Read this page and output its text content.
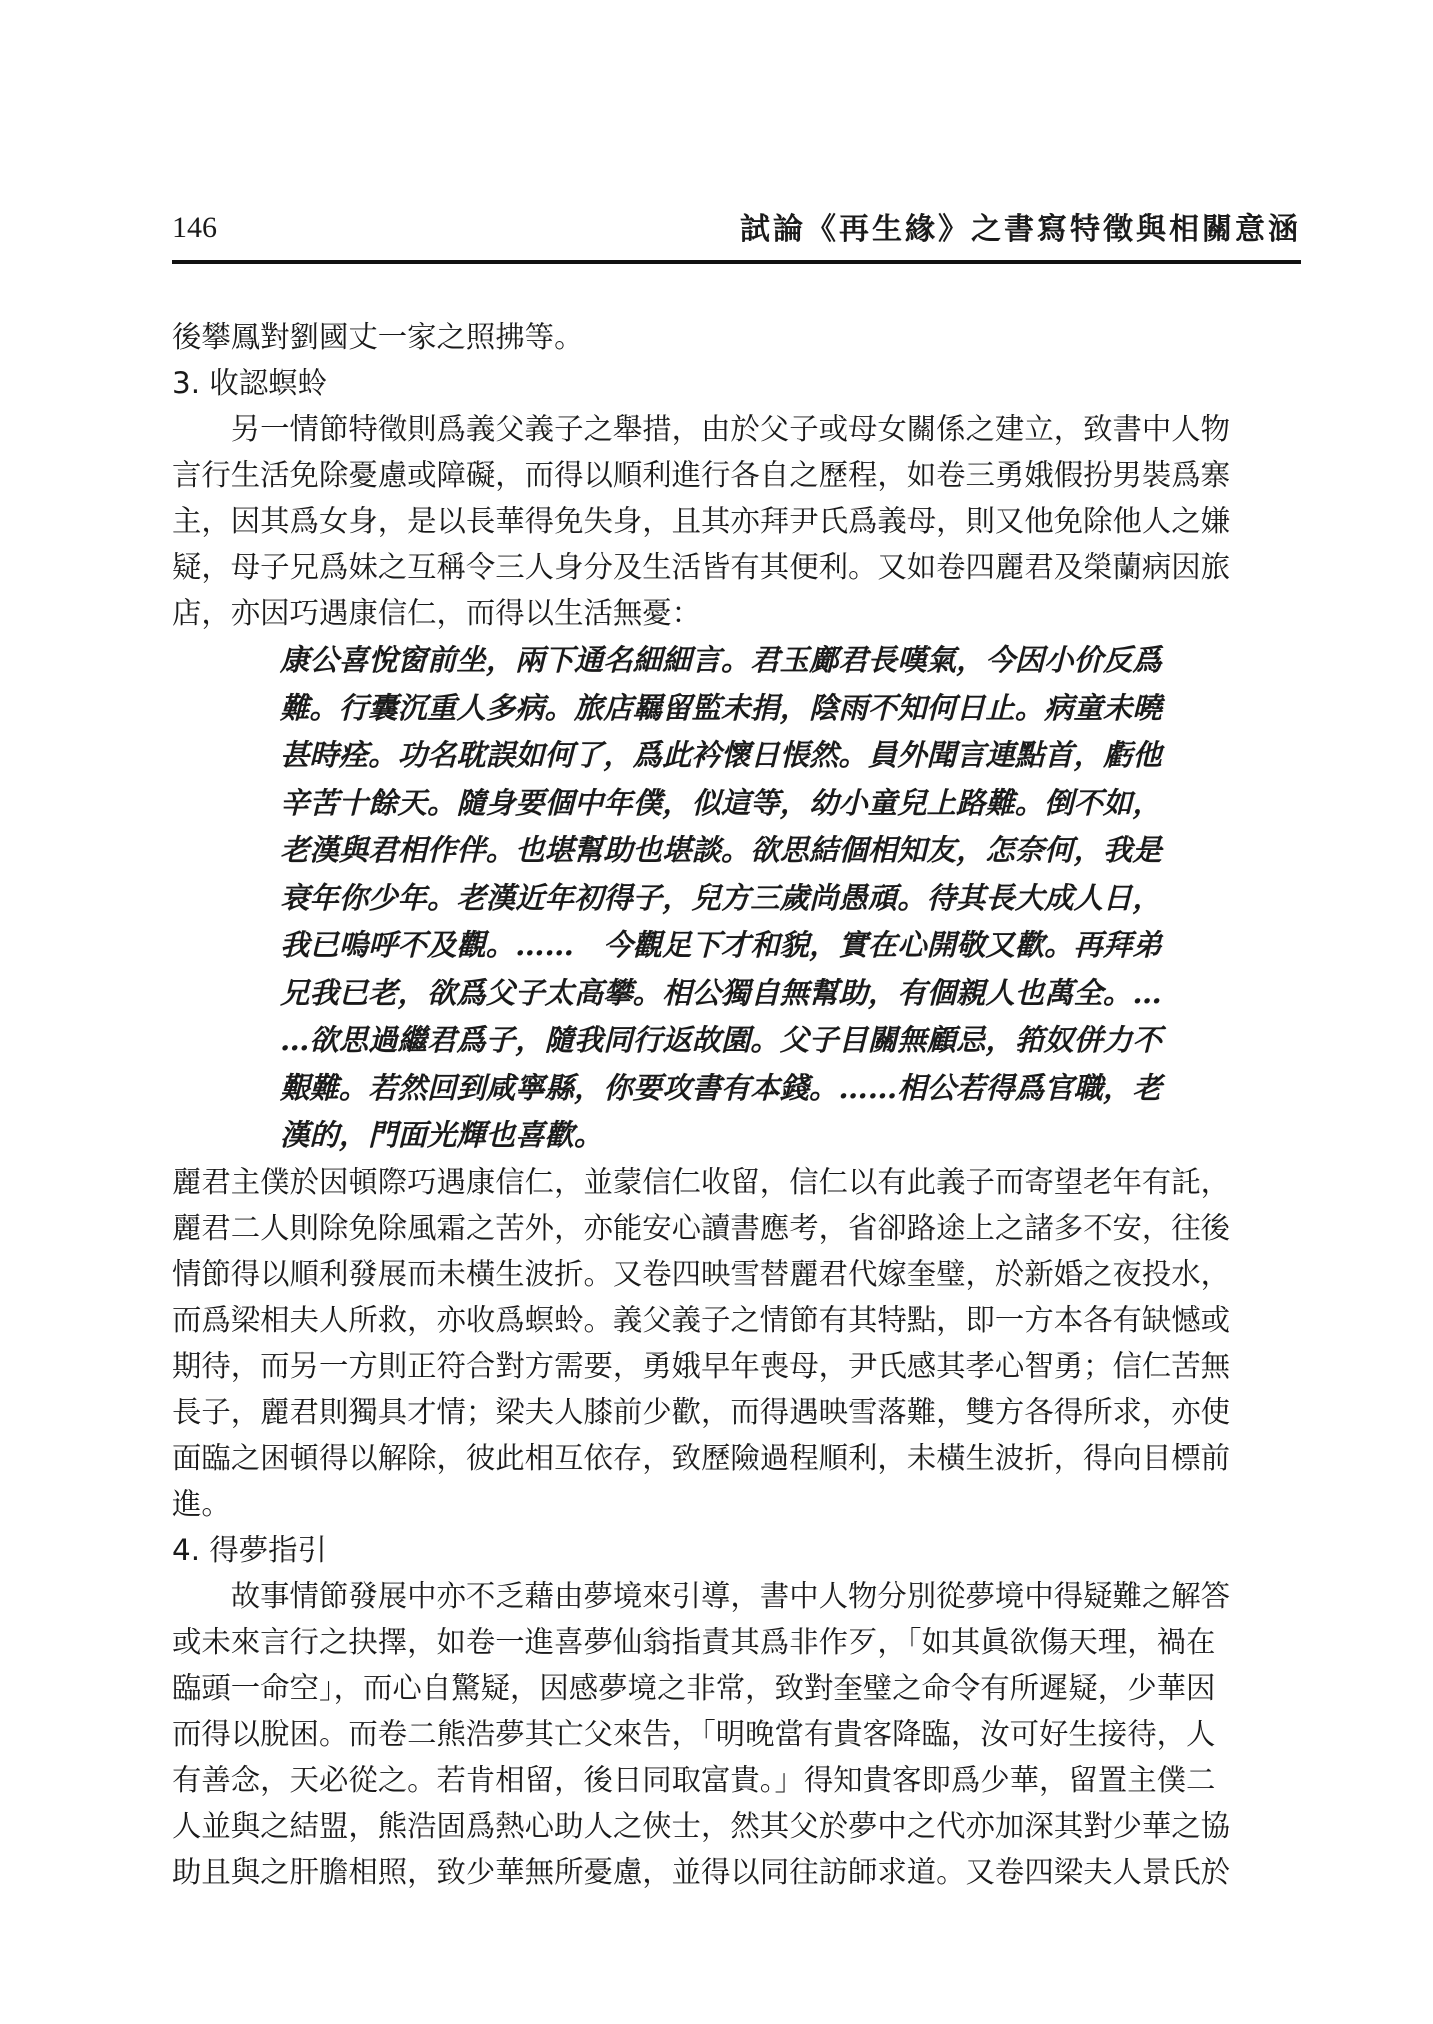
146	試論《再生緣》之書寫特徵與相關意涵
後攀鳳對劉國丈一家之照拂等。
3. 收認螟蛉
　　另一情節特徵則爲義父義子之舉措，由於父子或母女關係之建立，致書中人物
言行生活免除憂慮或障礙，而得以順利進行各自之歷程，如卷三勇娥假扮男裝爲寨
主，因其爲女身，是以長華得免失身，且其亦拜尹氏爲義母，則又他免除他人之嫌
疑，母子兄爲妹之互稱令三人身分及生活皆有其便利。又如卷四麗君及榮蘭病因旅
店，亦因巧遇康信仁，而得以生活無憂：
康公喜悅窗前坐，兩下通名細細言。君玉鄺君長嘆氣，今因小价反爲
難。行囊沉重人多病。旅店羈留監未捐，陰雨不知何日止。病童未曉
甚時痊。功名耽誤如何了，爲此衿懷日悵然。員外聞言連點首，虧他
辛苦十餘天。隨身要個中年僕，似這等，幼小童兒上路難。倒不如，
老漢與君相作伴。也堪幫助也堪談。欲思結個相知友，怎奈何，我是
衰年你少年。老漢近年初得子，兒方三歲尚愚頑。待其長大成人日，
我已嗚呼不及觀。……　今觀足下才和貌，實在心開敬又歡。再拜弟
兄我已老，欲爲父子太高攀。相公獨自無幫助，有個親人也萬全。…
…欲思過繼君爲子，隨我同行返故園。父子目關無顧忌，筘奴併力不
艱難。若然回到咸寧縣，你要攻書有本錢。……相公若得爲官職，老
漢的，門面光輝也喜歡。
麗君主僕於因頓際巧遇康信仁，並蒙信仁收留，信仁以有此義子而寄望老年有託，
麗君二人則除免除風霜之苦外，亦能安心讀書應考，省卻路途上之諸多不安，往後
情節得以順利發展而未橫生波折。又卷四映雪替麗君代嫁奎璧，於新婚之夜投水，
而爲梁相夫人所救，亦收爲螟蛉。義父義子之情節有其特點，即一方本各有缺憾或
期待，而另一方則正符合對方需要，勇娥早年喪母，尹氏感其孝心智勇；信仁苦無
長子，麗君則獨具才情；梁夫人膝前少歡，而得遇映雪落難，雙方各得所求，亦使
面臨之困頓得以解除，彼此相互依存，致歷險過程順利，未橫生波折，得向目標前
進。
4. 得夢指引
　　故事情節發展中亦不乏藉由夢境來引導，書中人物分別從夢境中得疑難之解答
或未來言行之抉擇，如卷一進喜夢仙翁指責其爲非作歹，「如其眞欲傷天理，禍在
臨頭一命空」，而心自驚疑，因感夢境之非常，致對奎璧之命令有所遲疑，少華因
而得以脫困。而卷二熊浩夢其亡父來告，「明晚當有貴客降臨，汝可好生接待，人
有善念，天必從之。若肯相留，後日同取富貴。」得知貴客即爲少華，留置主僕二
人並與之結盟，熊浩固爲熱心助人之俠士，然其父於夢中之代亦加深其對少華之協
助且與之肝膽相照，致少華無所憂慮，並得以同往訪師求道。又卷四梁夫人景氏於
